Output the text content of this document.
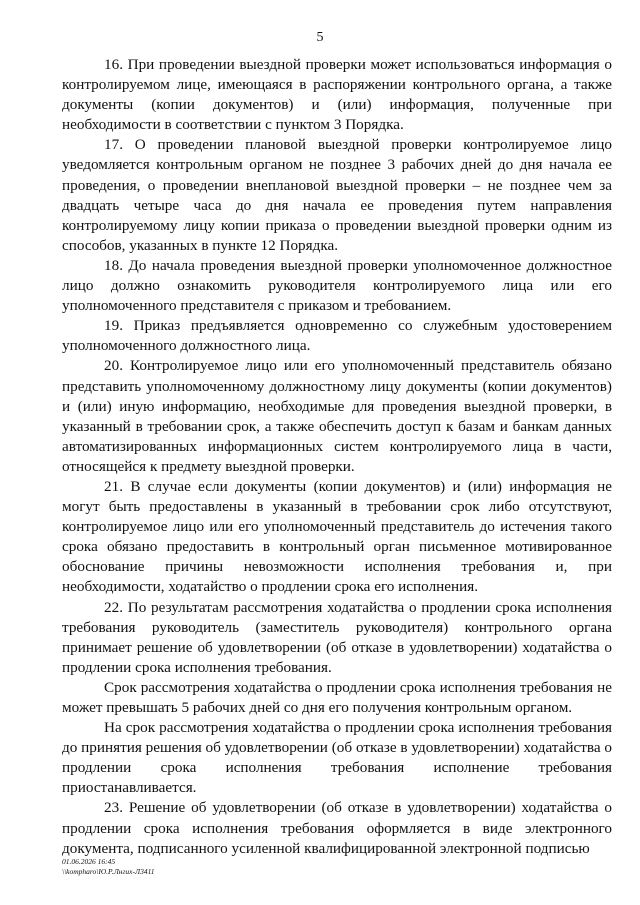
5

16. При проведении выездной проверки может использоваться информация о контролируемом лице, имеющаяся в распоряжении контрольного органа, а также документы (копии документов) и (или) информация, полученные при необходимости в соответствии с пунктом 3 Порядка.

17. О проведении плановой выездной проверки контролируемое лицо уведомляется контрольным органом не позднее 3 рабочих дней до дня начала ее проведения, о проведении внеплановой выездной проверки – не позднее чем за двадцать четыре часа до дня начала ее проведения путем направления контролируемому лицу копии приказа о проведении выездной проверки одним из способов, указанных в пункте 12 Порядка.

18. До начала проведения выездной проверки уполномоченное должностное лицо должно ознакомить руководителя контролируемого лица или его уполномоченного представителя с приказом и требованием.

19. Приказ предъявляется одновременно со служебным удостоверением уполномоченного должностного лица.

20. Контролируемое лицо или его уполномоченный представитель обязано представить уполномоченному должностному лицу документы (копии документов) и (или) иную информацию, необходимые для проведения выездной проверки, в указанный в требовании срок, а также обеспечить доступ к базам и банкам данных автоматизированных информационных систем контролируемого лица в части, относящейся к предмету выездной проверки.

21. В случае если документы (копии документов) и (или) информация не могут быть предоставлены в указанный в требовании срок либо отсутствуют, контролируемое лицо или его уполномоченный представитель до истечения такого срока обязано предоставить в контрольный орган письменное мотивированное обоснование причины невозможности исполнения требования и, при необходимости, ходатайство о продлении срока его исполнения.

22. По результатам рассмотрения ходатайства о продлении срока исполнения требования руководитель (заместитель руководителя) контрольного органа принимает решение об удовлетворении (об отказе в удовлетворении) ходатайства о продлении срока исполнения требования.

Срок рассмотрения ходатайства о продлении срока исполнения требования не может превышать 5 рабочих дней со дня его получения контрольным органом.

На срок рассмотрения ходатайства о продлении срока исполнения требования до принятия решения об удовлетворении (об отказе в удовлетворении) ходатайства о продлении срока исполнения требования исполнение требования приостанавливается.

23. Решение об удовлетворении (об отказе в удовлетворении) ходатайства о продлении срока исполнения требования оформляется в виде электронного документа, подписанного усиленной квалифицированной электронной подписью

01.06.2026 16:45
\\kompharo\Ю.Р.Лнгих-Л3411
